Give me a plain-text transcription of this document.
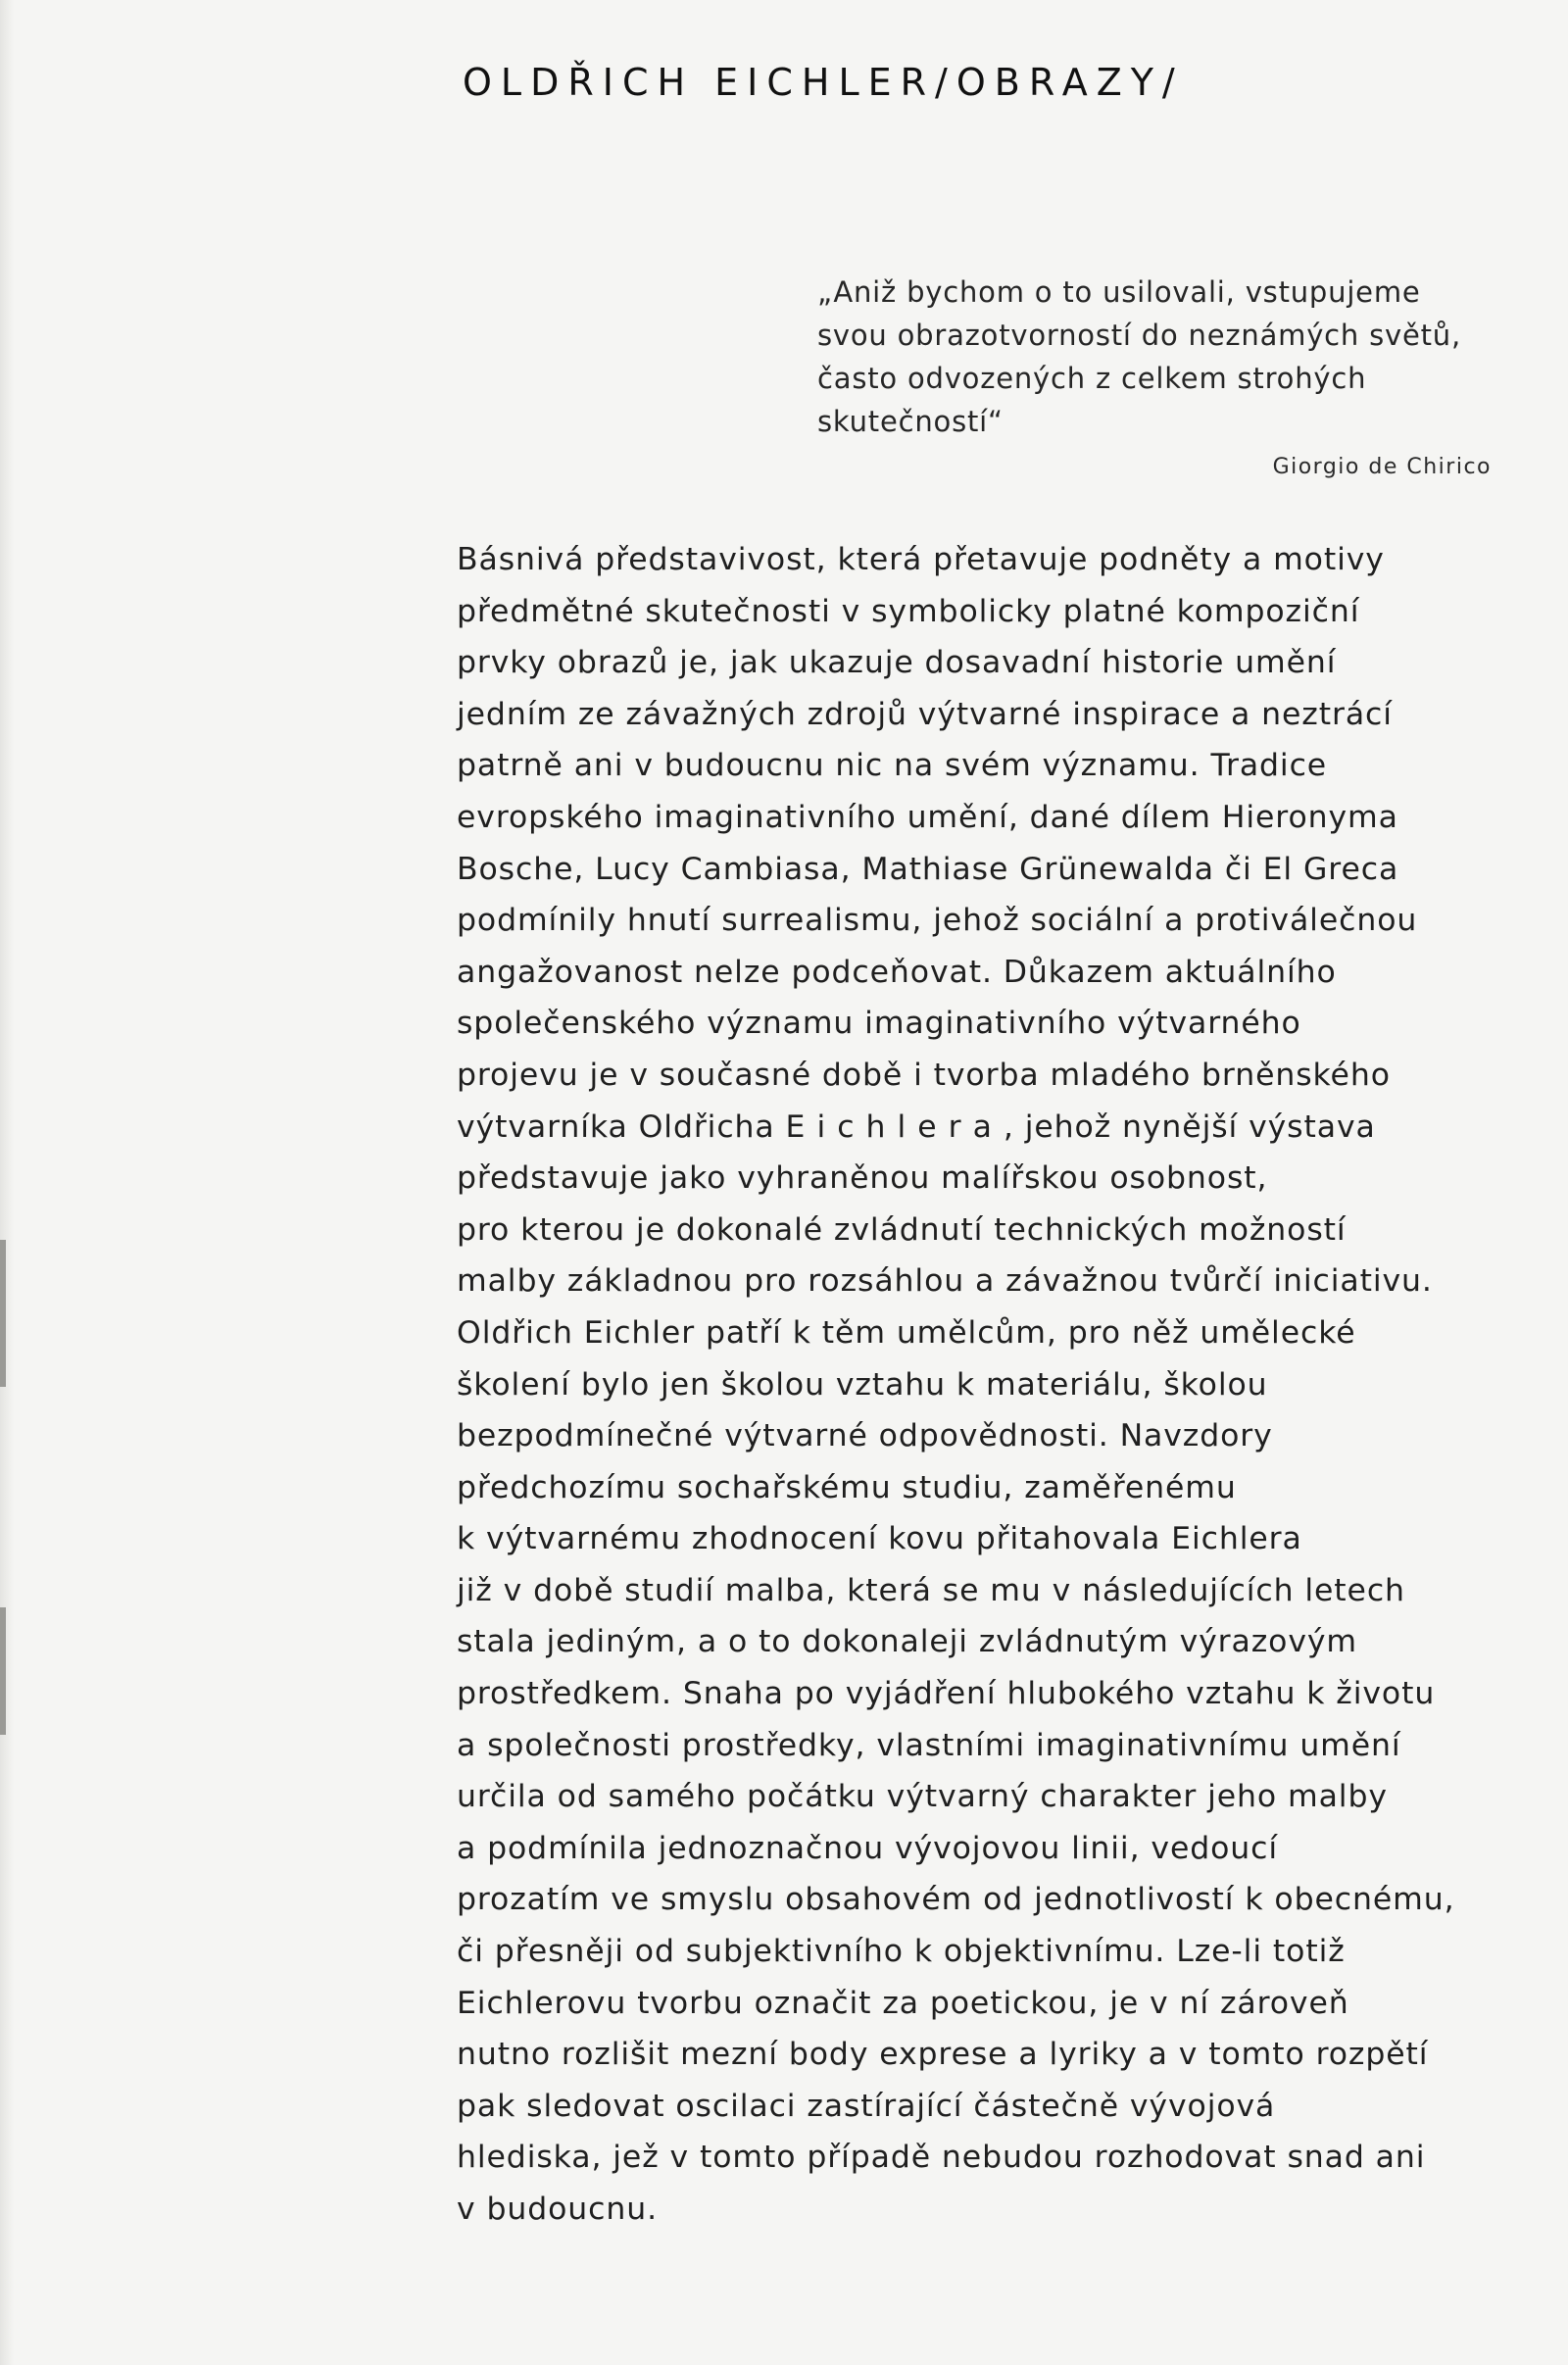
OLDŘICH EICHLER/OBRAZY/
„Aniž bychom o to usilovali, vstupujeme
svou obrazotvorností do neznámých světů,
často odvozených z celkem strohých
skutečností“
Giorgio de Chirico
Básnivá představivost, která přetavuje podněty a motivy
předmětné skutečnosti v symbolicky platné kompoziční
prvky obrazů je, jak ukazuje dosavadní historie umění
jedním ze závažných zdrojů výtvarné inspirace a neztrácí
patrně ani v budoucnu nic na svém významu. Tradice
evropského imaginativního umění, dané dílem Hieronyma
Bosche, Lucy Cambiasa, Mathiase Grünewalda či El Greca
podmínily hnutí surrealismu, jehož sociální a protiválečnou
angažovanost nelze podceňovat. Důkazem aktuálního
společenského významu imaginativního výtvarného
projevu je v současné době i tvorba mladého brněnského
výtvarníka Oldřicha Eichlera, jehož nynější výstava
představuje jako vyhraněnou malířskou osobnost,
pro kterou je dokonalé zvládnutí technických možností
malby základnou pro rozsáhlou a závažnou tvůrčí iniciativu.
Oldřich Eichler patří k těm umělcům, pro něž umělecké
školení bylo jen školou vztahu k materiálu, školou
bezpodmínečné výtvarné odpovědnosti. Navzdory
předchozímu sochařskému studiu, zaměřenému
k výtvarnému zhodnocení kovu přitahovala Eichlera
již v době studií malba, která se mu v následujících letech
stala jediným, a o to dokonaleji zvládnutým výrazovým
prostředkem. Snaha po vyjádření hlubokého vztahu k životu
a společnosti prostředky, vlastními imaginativnímu umění
určila od samého počátku výtvarný charakter jeho malby
a podmínila jednoznačnou vývojovou linii, vedoucí
prozatím ve smyslu obsahovém od jednotlivostí k obecnému,
či přesněji od subjektivního k objektivnímu. Lze-li totiž
Eichlerovu tvorbu označit za poetickou, je v ní zároveň
nutno rozlišit mezní body exprese a lyriky a v tomto rozpětí
pak sledovat oscilaci zastírající částečně vývojová
hlediska, jež v tomto případě nebudou rozhodovat snad ani
v budoucnu.
